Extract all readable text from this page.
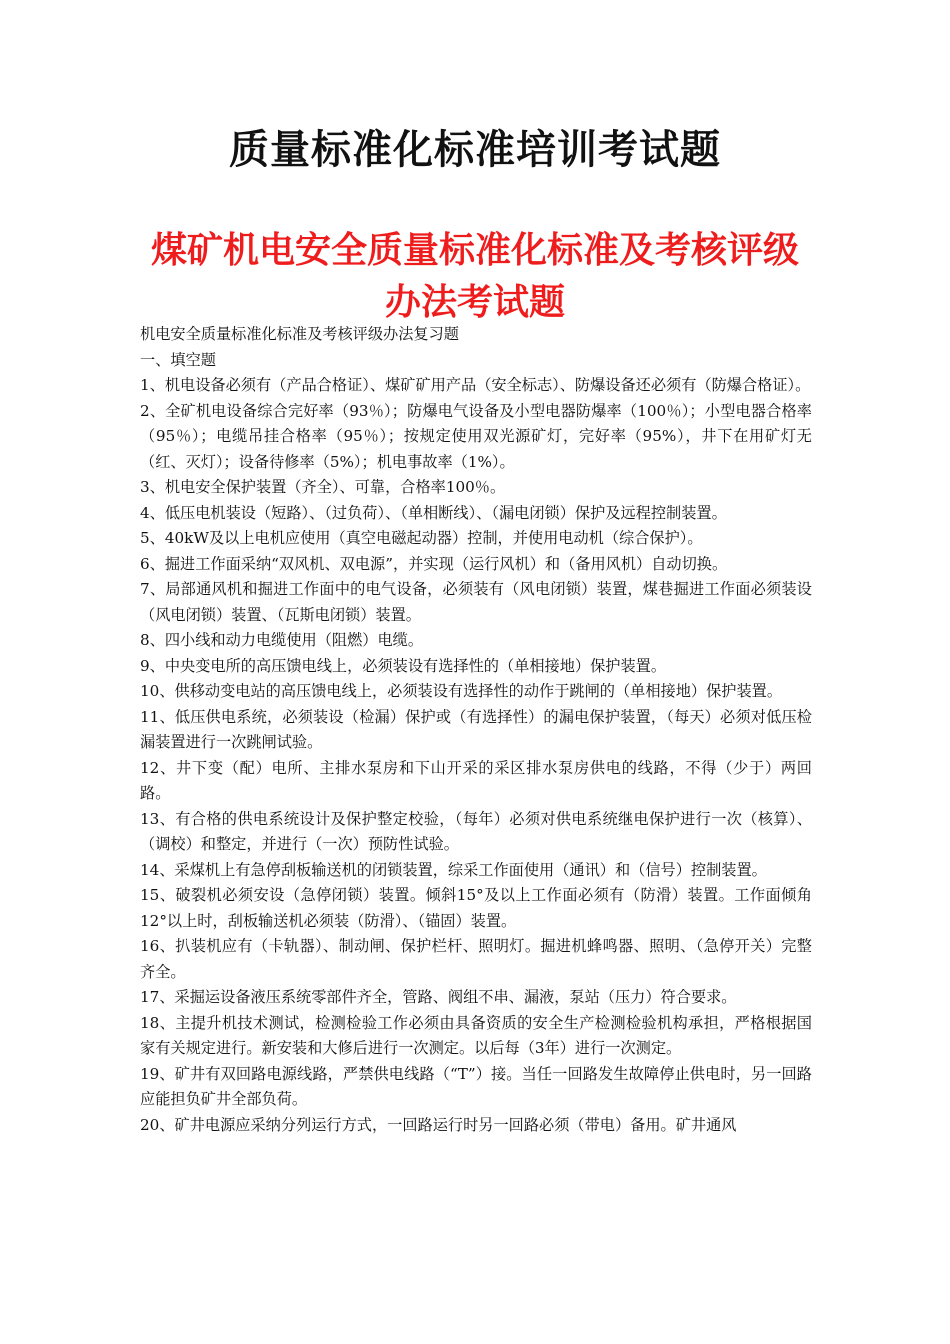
质量标准化标准培训考试题
煤矿机电安全质量标准化标准及考核评级
办法考试题

机电安全质量标准化标准及考核评级办法复习题

一、填空题

1、机电设备必须有（产品合格证）、煤矿矿用产品（安全标志）、防爆设备还必须有（防爆合格证）。

2、全矿机电设备综合完好率（93％）；防爆电气设备及小型电器防爆率（100％）；小型电器合格率（95％）；电缆吊挂合格率（95％）；按规定使用双光源矿灯，完好率（95%），井下在用矿灯无（红、灭灯）；设备待修率（5%）；机电事故率（1%）。

3、机电安全保护装置（齐全）、可靠，合格率100％。

4、低压电机装设（短路）、（过负荷）、（单相断线）、（漏电闭锁）保护及远程控制装置。

5、40kW及以上电机应使用（真空电磁起动器）控制，并使用电动机（综合保护）。

6、掘进工作面采纳“双风机、双电源”，并实现（运行风机）和（备用风机）自动切换。

7、局部通风机和掘进工作面中的电气设备，必须装有（风电闭锁）装置，煤巷掘进工作面必须装设（风电闭锁）装置、（瓦斯电闭锁）装置。

8、四小线和动力电缆使用（阻燃）电缆。

9、中央变电所的高压馈电线上，必须装设有选择性的（单相接地）保护装置。

10、供移动变电站的高压馈电线上，必须装设有选择性的动作于跳闸的（单相接地）保护装置。

11、低压供电系统，必须装设（检漏）保护或（有选择性）的漏电保护装置，（每天）必须对低压检漏装置进行一次跳闸试验。

12、井下变（配）电所、主排水泵房和下山开采的采区排水泵房供电的线路，不得（少于）两回路。

13、有合格的供电系统设计及保护整定校验，（每年）必须对供电系统继电保护进行一次（核算）、（调校）和整定，并进行（一次）预防性试验。

14、采煤机上有急停刮板输送机的闭锁装置，综采工作面使用（通讯）和（信号）控制装置。

15、破裂机必须安设（急停闭锁）装置。倾斜15°及以上工作面必须有（防滑）装置。工作面倾角12°以上时，刮板输送机必须装（防滑）、（锚固）装置。

16、扒装机应有（卡轨器）、制动闸、保护栏杆、照明灯。掘进机蜂鸣器、照明、（急停开关）完整齐全。

17、采掘运设备液压系统零部件齐全，管路、阀组不串、漏液，泵站（压力）符合要求。

18、主提升机技术测试，检测检验工作必须由具备资质的安全生产检测检验机构承担，严格根据国家有关规定进行。新安装和大修后进行一次测定。以后每（3年）进行一次测定。

19、矿井有双回路电源线路，严禁供电线路（“T”）接。当任一回路发生故障停止供电时，另一回路应能担负矿井全部负荷。

20、矿井电源应采纳分列运行方式，一回路运行时另一回路必须（带电）备用。矿井通风
